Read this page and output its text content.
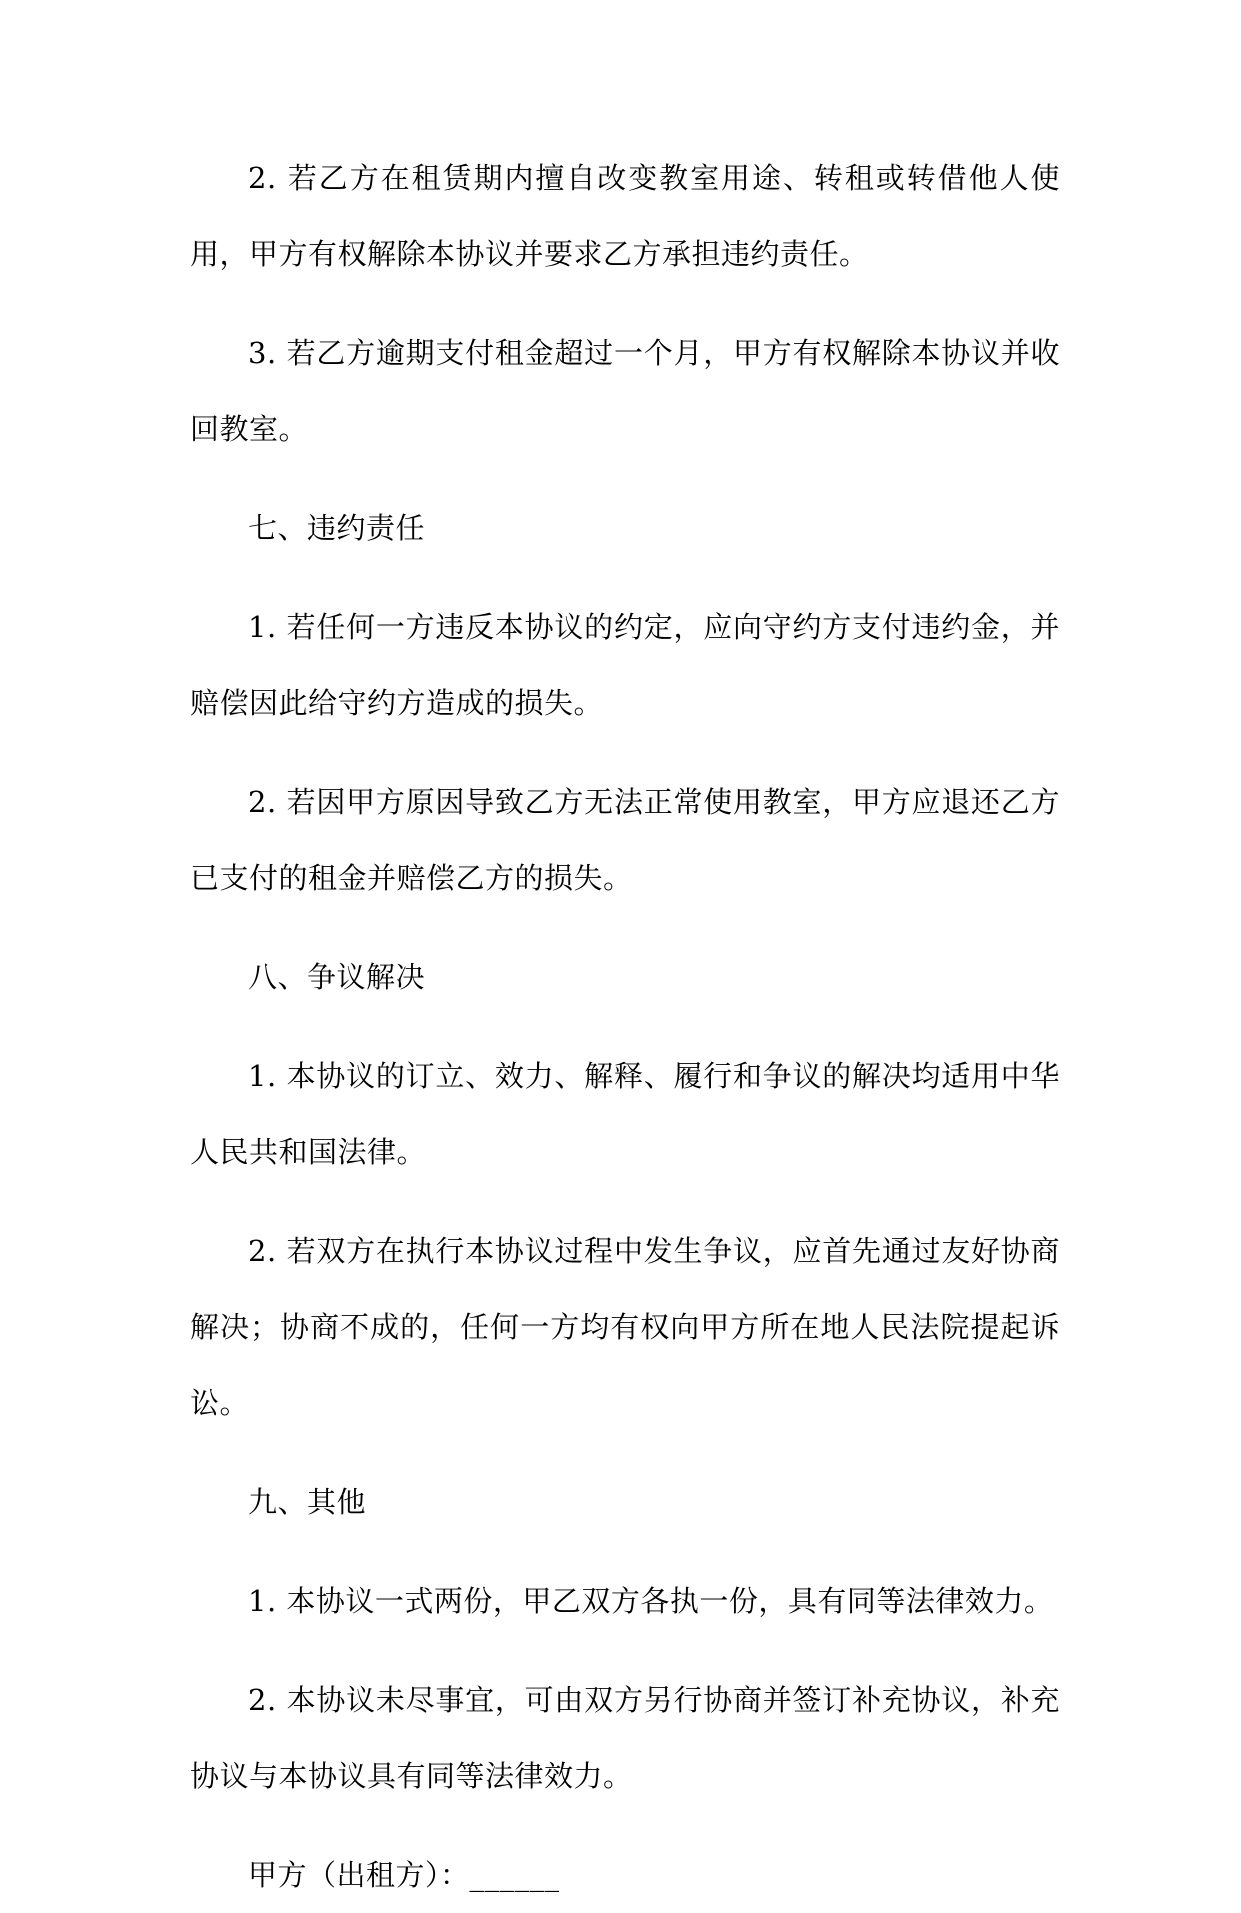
2. 若乙方在租赁期内擅自改变教室用途、转租或转借他人使用，甲方有权解除本协议并要求乙方承担违约责任。

3. 若乙方逾期支付租金超过一个月，甲方有权解除本协议并收回教室。

七、违约责任

1. 若任何一方违反本协议的约定，应向守约方支付违约金，并赔偿因此给守约方造成的损失。

2. 若因甲方原因导致乙方无法正常使用教室，甲方应退还乙方已支付的租金并赔偿乙方的损失。

八、争议解决

1. 本协议的订立、效力、解释、履行和争议的解决均适用中华人民共和国法律。

2. 若双方在执行本协议过程中发生争议，应首先通过友好协商解决；协商不成的，任何一方均有权向甲方所在地人民法院提起诉讼。

九、其他

1. 本协议一式两份，甲乙双方各执一份，具有同等法律效力。

2. 本协议未尽事宜，可由双方另行协商并签订补充协议，补充协议与本协议具有同等法律效力。

甲方（出租方）：______
